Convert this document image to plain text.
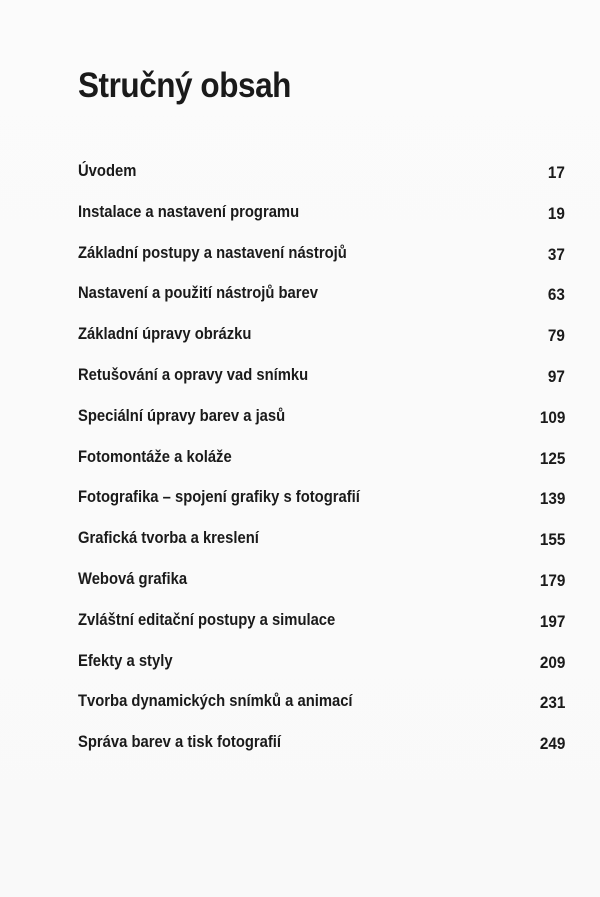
Stručný obsah
Úvodem	17
Instalace a nastavení programu	19
Základní postupy a nastavení nástrojů	37
Nastavení a použití nástrojů barev	63
Základní úpravy obrázku	79
Retušování a opravy vad snímku	97
Speciální úpravy barev a jasů	109
Fotomontáže a koláže	125
Fotografika – spojení grafiky s fotografií	139
Grafická tvorba a kreslení	155
Webová grafika	179
Zvláštní editační postupy a simulace	197
Efekty a styly	209
Tvorba dynamických snímků a animací	231
Správa barev a tisk fotografií	249
